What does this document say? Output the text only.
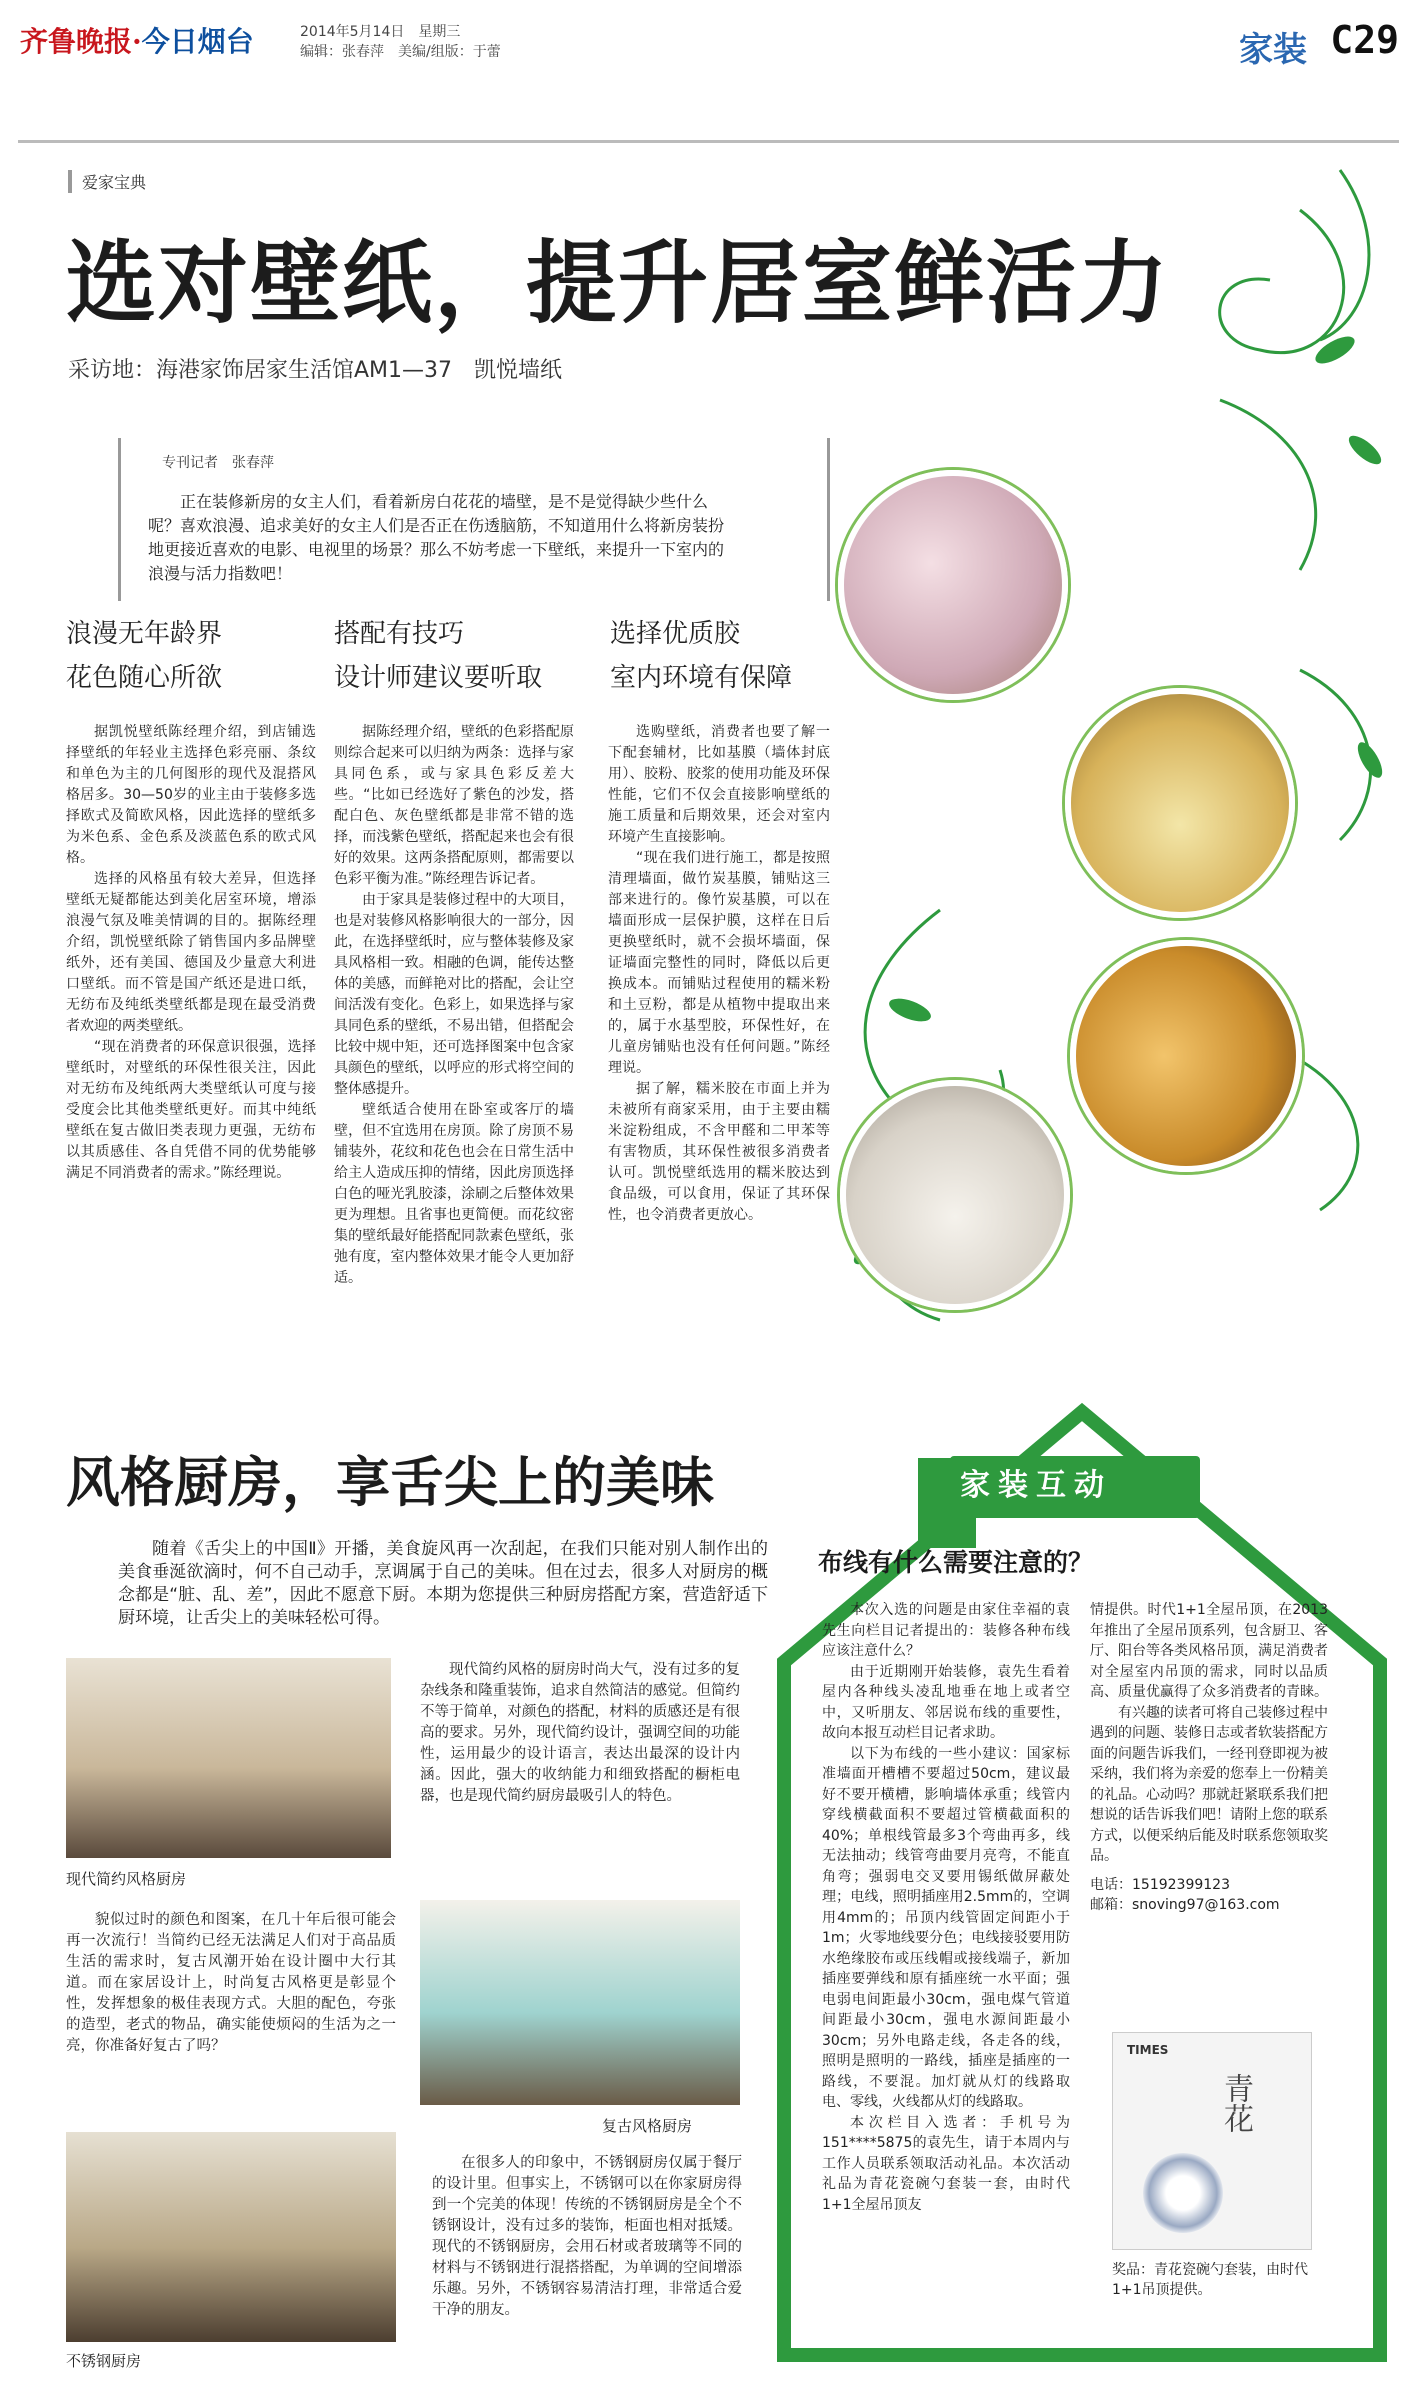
齐鲁晚报·今日烟台	2014年5月14日　星期三
编辑：张春萍　美编/组版：于蕾	家装 C29
爱家宝典
选对壁纸，提升居室鲜活力
采访地：海港家饰居家生活馆AM1—37　凯悦墙纸
专刊记者　张春萍
正在装修新房的女主人们，看着新房白花花的墙壁，是不是觉得缺少些什么呢？喜欢浪漫、追求美好的女主人们是否正在伤透脑筋，不知道用什么将新房装扮地更接近喜欢的电影、电视里的场景？那么不妨考虑一下壁纸，来提升一下室内的浪漫与活力指数吧！
浪漫无年龄界
花色随心所欲

据凯悦壁纸陈经理介绍，到店铺选择壁纸的年轻业主选择色彩亮丽、条纹和单色为主的几何图形的现代及混搭风格居多。30—50岁的业主由于装修多选择欧式及简欧风格，因此选择的壁纸多为米色系、金色系及淡蓝色系的欧式风格。

选择的风格虽有较大差异，但选择壁纸无疑都能达到美化居室环境，增添浪漫气氛及唯美情调的目的。据陈经理介绍，凯悦壁纸除了销售国内多品牌壁纸外，还有美国、德国及少量意大利进口壁纸。而不管是国产纸还是进口纸，无纺布及纯纸类壁纸都是现在最受消费者欢迎的两类壁纸。

“现在消费者的环保意识很强，选择壁纸时，对壁纸的环保性很关注，因此对无纺布及纯纸两大类壁纸认可度与接受度会比其他类壁纸更好。而其中纯纸壁纸在复古做旧类表现力更强，无纺布以其质感佳、各自凭借不同的优势能够满足不同消费者的需求。”陈经理说。

搭配有技巧
设计师建议要听取

据陈经理介绍，壁纸的色彩搭配原则综合起来可以归纳为两条：选择与家具同色系，或与家具色彩反差大些。“比如已经选好了紫色的沙发，搭配白色、灰色壁纸都是非常不错的选择，而浅紫色壁纸，搭配起来也会有很好的效果。这两条搭配原则，都需要以色彩平衡为准。”陈经理告诉记者。

由于家具是装修过程中的大项目，也是对装修风格影响很大的一部分，因此，在选择壁纸时，应与整体装修及家具风格相一致。相融的色调，能传达整体的美感，而鲜艳对比的搭配，会让空间活泼有变化。色彩上，如果选择与家具同色系的壁纸，不易出错，但搭配会比较中规中矩，还可选择图案中包含家具颜色的壁纸，以呼应的形式将空间的整体感提升。

壁纸适合使用在卧室或客厅的墙壁，但不宜选用在房顶。除了房顶不易铺装外，花纹和花色也会在日常生活中给主人造成压抑的情绪，因此房顶选择白色的哑光乳胶漆，涂刷之后整体效果更为理想。且省事也更简便。而花纹密集的壁纸最好能搭配同款素色壁纸，张弛有度，室内整体效果才能令人更加舒适。

选择优质胶
室内环境有保障

选购壁纸，消费者也要了解一下配套辅材，比如基膜（墙体封底用）、胶粉、胶浆的使用功能及环保性能，它们不仅会直接影响壁纸的施工质量和后期效果，还会对室内环境产生直接影响。

“现在我们进行施工，都是按照清理墙面，做竹炭基膜，铺贴这三部来进行的。像竹炭基膜，可以在墙面形成一层保护膜，这样在日后更换壁纸时，就不会损坏墙面，保证墙面完整性的同时，降低以后更换成本。而铺贴过程使用的糯米粉和土豆粉，都是从植物中提取出来的，属于水基型胶，环保性好，在儿童房铺贴也没有任何问题。”陈经理说。

据了解，糯米胶在市面上并为未被所有商家采用，由于主要由糯米淀粉组成，不含甲醛和二甲苯等有害物质，其环保性被很多消费者认可。凯悦壁纸选用的糯米胶达到食品级，可以食用，保证了其环保性，也令消费者更放心。

风格厨房，享舌尖上的美味
随着《舌尖上的中国Ⅱ》开播，美食旋风再一次刮起，在我们只能对别人制作出的美食垂涎欲滴时，何不自己动手，烹调属于自己的美味。但在过去，很多人对厨房的概念都是“脏、乱、差”，因此不愿意下厨。本期为您提供三种厨房搭配方案，营造舒适下厨环境，让舌尖上的美味轻松可得。
现代简约风格厨房
现代简约风格的厨房时尚大气，没有过多的复杂线条和隆重装饰，追求自然简洁的感觉。但简约不等于简单，对颜色的搭配，材料的质感还是有很高的要求。另外，现代简约设计，强调空间的功能性，运用最少的设计语言，表达出最深的设计内涵。因此，强大的收纳能力和细致搭配的橱柜电器，也是现代简约厨房最吸引人的特色。
貌似过时的颜色和图案，在几十年后很可能会再一次流行！当简约已经无法满足人们对于高品质生活的需求时，复古风潮开始在设计圈中大行其道。而在家居设计上，时尚复古风格更是彰显个性，发挥想象的极佳表现方式。大胆的配色，夸张的造型，老式的物品，确实能使烦闷的生活为之一亮，你准备好复古了吗？
复古风格厨房
不锈钢厨房
在很多人的印象中，不锈钢厨房仅属于餐厅的设计里。但事实上，不锈钢可以在你家厨房得到一个完美的体现！传统的不锈钢厨房是全个不锈钢设计，没有过多的装饰，柜面也相对抵矮。现代的不锈钢厨房，会用石材或者玻璃等不同的材料与不锈钢进行混搭搭配，为单调的空间增添乐趣。另外，不锈钢容易清洁打理，非常适合爱干净的朋友。
家装互动
布线有什么需要注意的？

本次入选的问题是由家住幸福的袁先生向栏目记者提出的：装修各种布线应该注意什么？

由于近期刚开始装修，袁先生看着屋内各种线头凌乱地垂在地上或者空中，又听朋友、邻居说布线的重要性，故向本报互动栏目记者求助。

以下为布线的一些小建议：国家标准墙面开槽槽不要超过50cm，建议最好不要开横槽，影响墙体承重；线管内穿线横截面积不要超过管横截面积的40%；单根线管最多3个弯曲再多，线无法抽动；线管弯曲要月亮弯，不能直角弯；强弱电交叉要用锡纸做屏蔽处理；电线，照明插座用2.5mm的，空调用4mm的；吊顶内线管固定间距小于1m；火零地线要分色；电线接驳要用防水绝缘胶布或压线帽或接线端子，新加插座要弹线和原有插座统一水平面；强电弱电间距最小30cm，强电煤气管道间距最小30cm，强电水源间距最小30cm；另外电路走线，各走各的线，照明是照明的一路线，插座是插座的一路线，不要混。加灯就从灯的线路取电、零线，火线都从灯的线路取。

本次栏目入选者：手机号为151****5875的袁先生，请于本周内与工作人员联系领取活动礼品。本次活动礼品为青花瓷碗勺套装一套，由时代1+1全屋吊顶友

情提供。时代1+1全屋吊顶，在2013年推出了全屋吊顶系列，包含厨卫、客厅、阳台等各类风格吊顶，满足消费者对全屋室内吊顶的需求，同时以品质高、质量优赢得了众多消费者的青睐。

有兴趣的读者可将自己装修过程中遇到的问题、装修日志或者软装搭配方面的问题告诉我们，一经刊登即视为被采纳，我们将为亲爱的您奉上一份精美的礼品。心动吗？那就赶紧联系我们把想说的话告诉我们吧！请附上您的联系方式，以便采纳后能及时联系您领取奖品。

电话：15192399123
邮箱：snoving97@163.com
TIMES
青花
奖品：青花瓷碗勺套装，由时代1+1吊顶提供。
